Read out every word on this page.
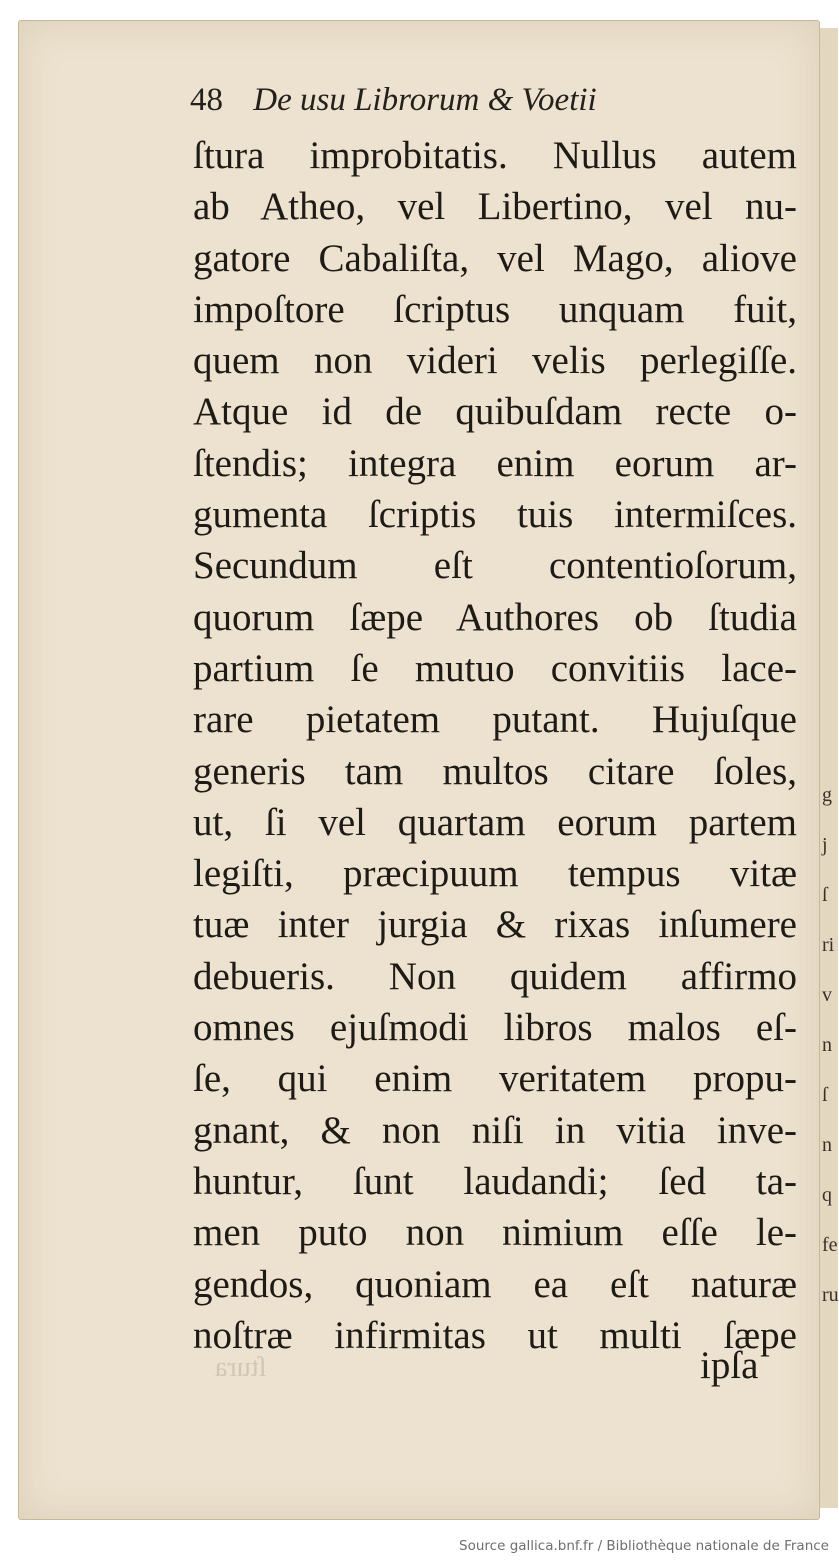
g
j
ſ
ri
v
n
ſ
n
q
fe
ru
ſtura
48 De usu Librorum & Voetii
ſtura improbitatis. Nullus autem
ab Atheo, vel Libertino, vel nu-
gatore Cabaliſta, vel Mago, aliove
impoſtore ſcriptus unquam fuit,
quem non videri velis perlegiſſe.
Atque id de quibuſdam recte o-
ſtendis; integra enim eorum ar-
gumenta ſcriptis tuis intermiſces.
Secundum eſt contentioſorum,
quorum ſæpe Authores ob ſtudia
partium ſe mutuo convitiis lace-
rare pietatem putant. Hujuſque
generis tam multos citare ſoles,
ut, ſi vel quartam eorum partem
legiſti, præcipuum tempus vitæ
tuæ inter jurgia & rixas inſumere
debueris. Non quidem affirmo
omnes ejuſmodi libros malos eſ-
ſe, qui enim veritatem propu-
gnant, & non niſi in vitia inve-
huntur, ſunt laudandi; ſed ta-
men puto non nimium eſſe le-
gendos, quoniam ea eſt naturæ
noſtræ infirmitas ut multi ſæpe
ipſa
Source gallica.bnf.fr / Bibliothèque nationale de France
